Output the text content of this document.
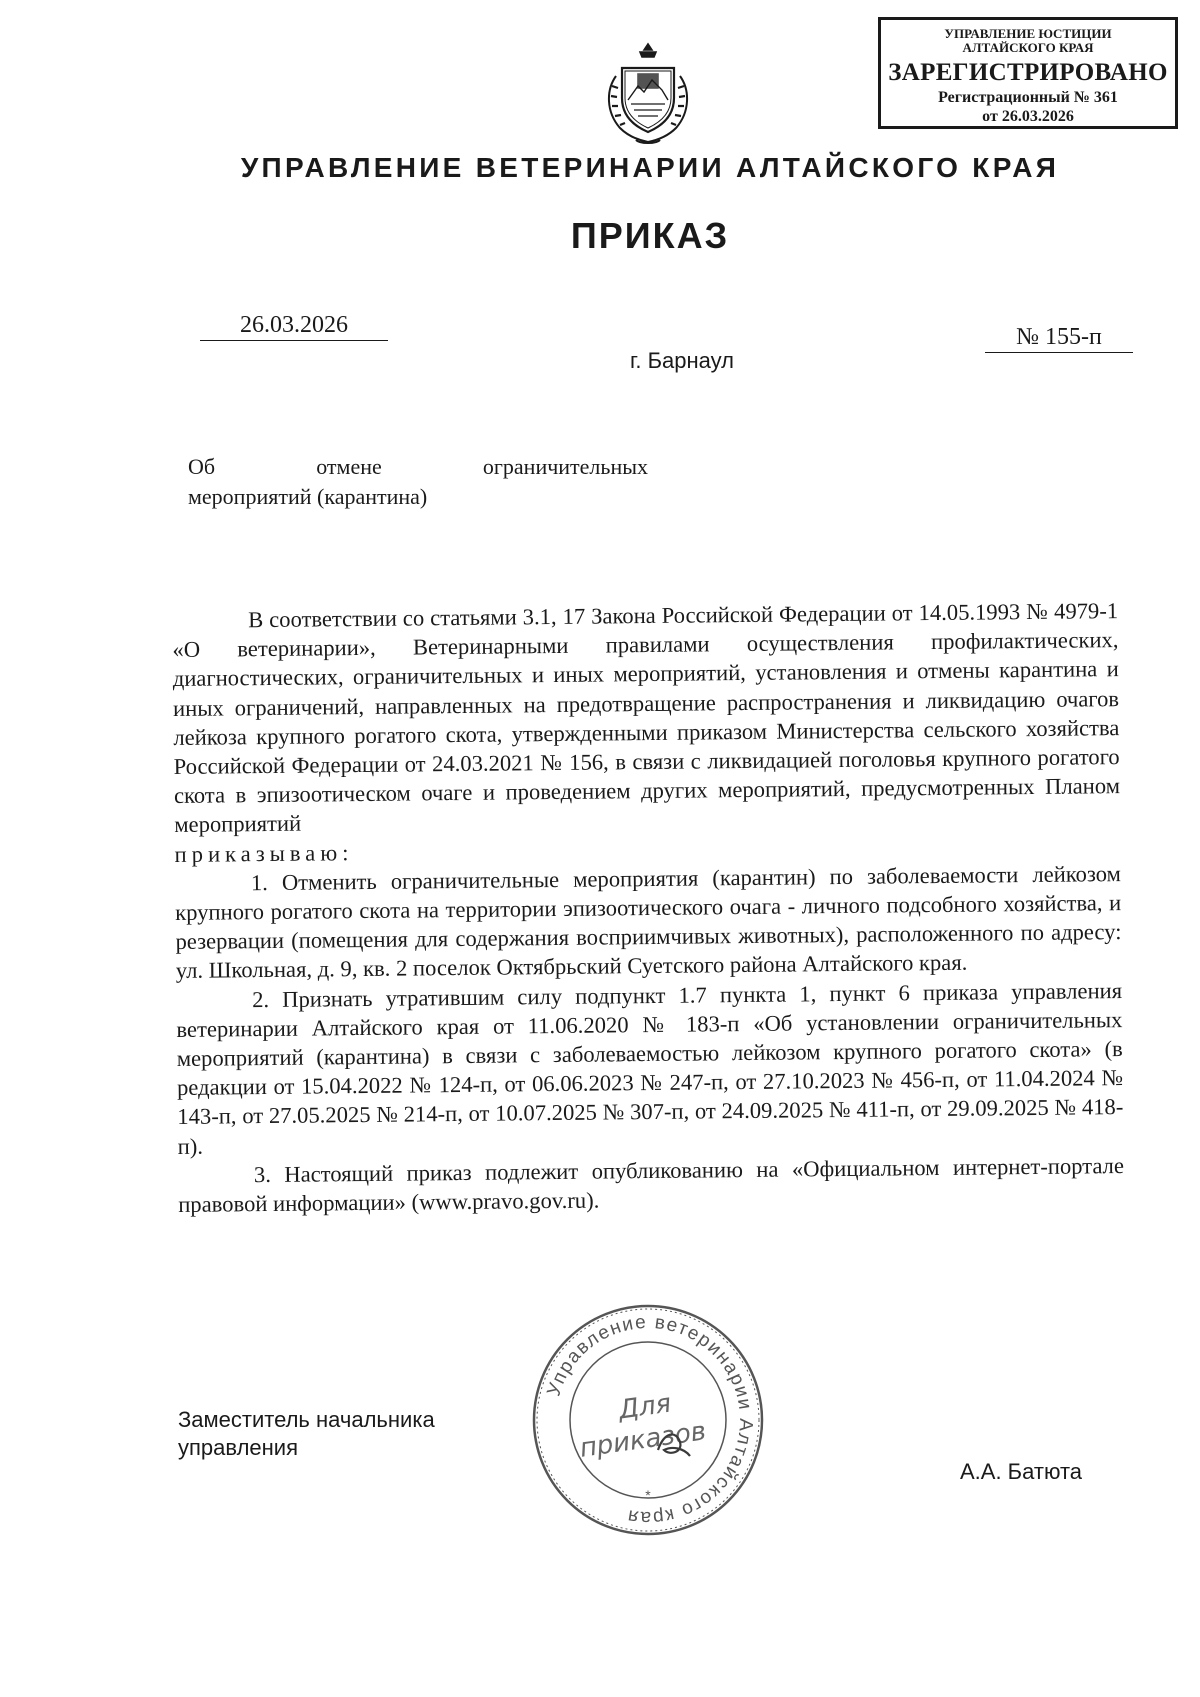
УПРАВЛЕНИЕ ЮСТИЦИИ
АЛТАЙСКОГО КРАЯ
ЗАРЕГИСТРИРОВАНО
Регистрационный № 361
от 26.03.2026
УПРАВЛЕНИЕ ВЕТЕРИНАРИИ АЛТАЙСКОГО КРАЯ
ПРИКАЗ
26.03.2026	№ 155-п
г. Барнаул
Об отмене ограничительных
мероприятий (карантина)

В соответствии со статьями 3.1, 17 Закона Российской Федерации от 14.05.1993 № 4979-1 «О ветеринарии», Ветеринарными правилами осуществления профилактических, диагностических, ограничительных и иных мероприятий, установления и отмены карантина и иных ограничений, направленных на предотвращение распространения и ликвидацию очагов лейкоза крупного рогатого скота, утвержденными приказом Министерства сельского хозяйства Российской Федерации от 24.03.2021 № 156, в связи с ликвидацией поголовья крупного рогатого скота в эпизоотическом очаге и проведением других мероприятий, предусмотренных Планом мероприятий

приказываю:

1. Отменить ограничительные мероприятия (карантин) по заболеваемости лейкозом крупного рогатого скота на территории эпизоотического очага - личного подсобного хозяйства, и резервации (помещения для содержания восприимчивых животных), расположенного по адресу: ул. Школьная, д. 9, кв. 2 поселок Октябрьский Суетского района Алтайского края.

2. Признать утратившим силу подпункт 1.7 пункта 1, пункт 6 приказа управления ветеринарии Алтайского края от 11.06.2020 № 183-п «Об установлении ограничительных мероприятий (карантина) в связи с заболеваемостью лейкозом крупного рогатого скота» (в редакции от 15.04.2022 № 124-п, от 06.06.2023 № 247-п, от 27.10.2023 № 456-п, от 11.04.2024 № 143-п, от 27.05.2025 № 214-п, от 10.07.2025 № 307-п, от 24.09.2025 № 411-п, от 29.09.2025 № 418-п).

3. Настоящий приказ подлежит опубликованию на «Официальном интернет-портале правовой информации» (www.pravo.gov.ru).

Управление ветеринарии Алтайского края
*
Для
приказов
Заместитель начальника
управления
А.А. Батюта
